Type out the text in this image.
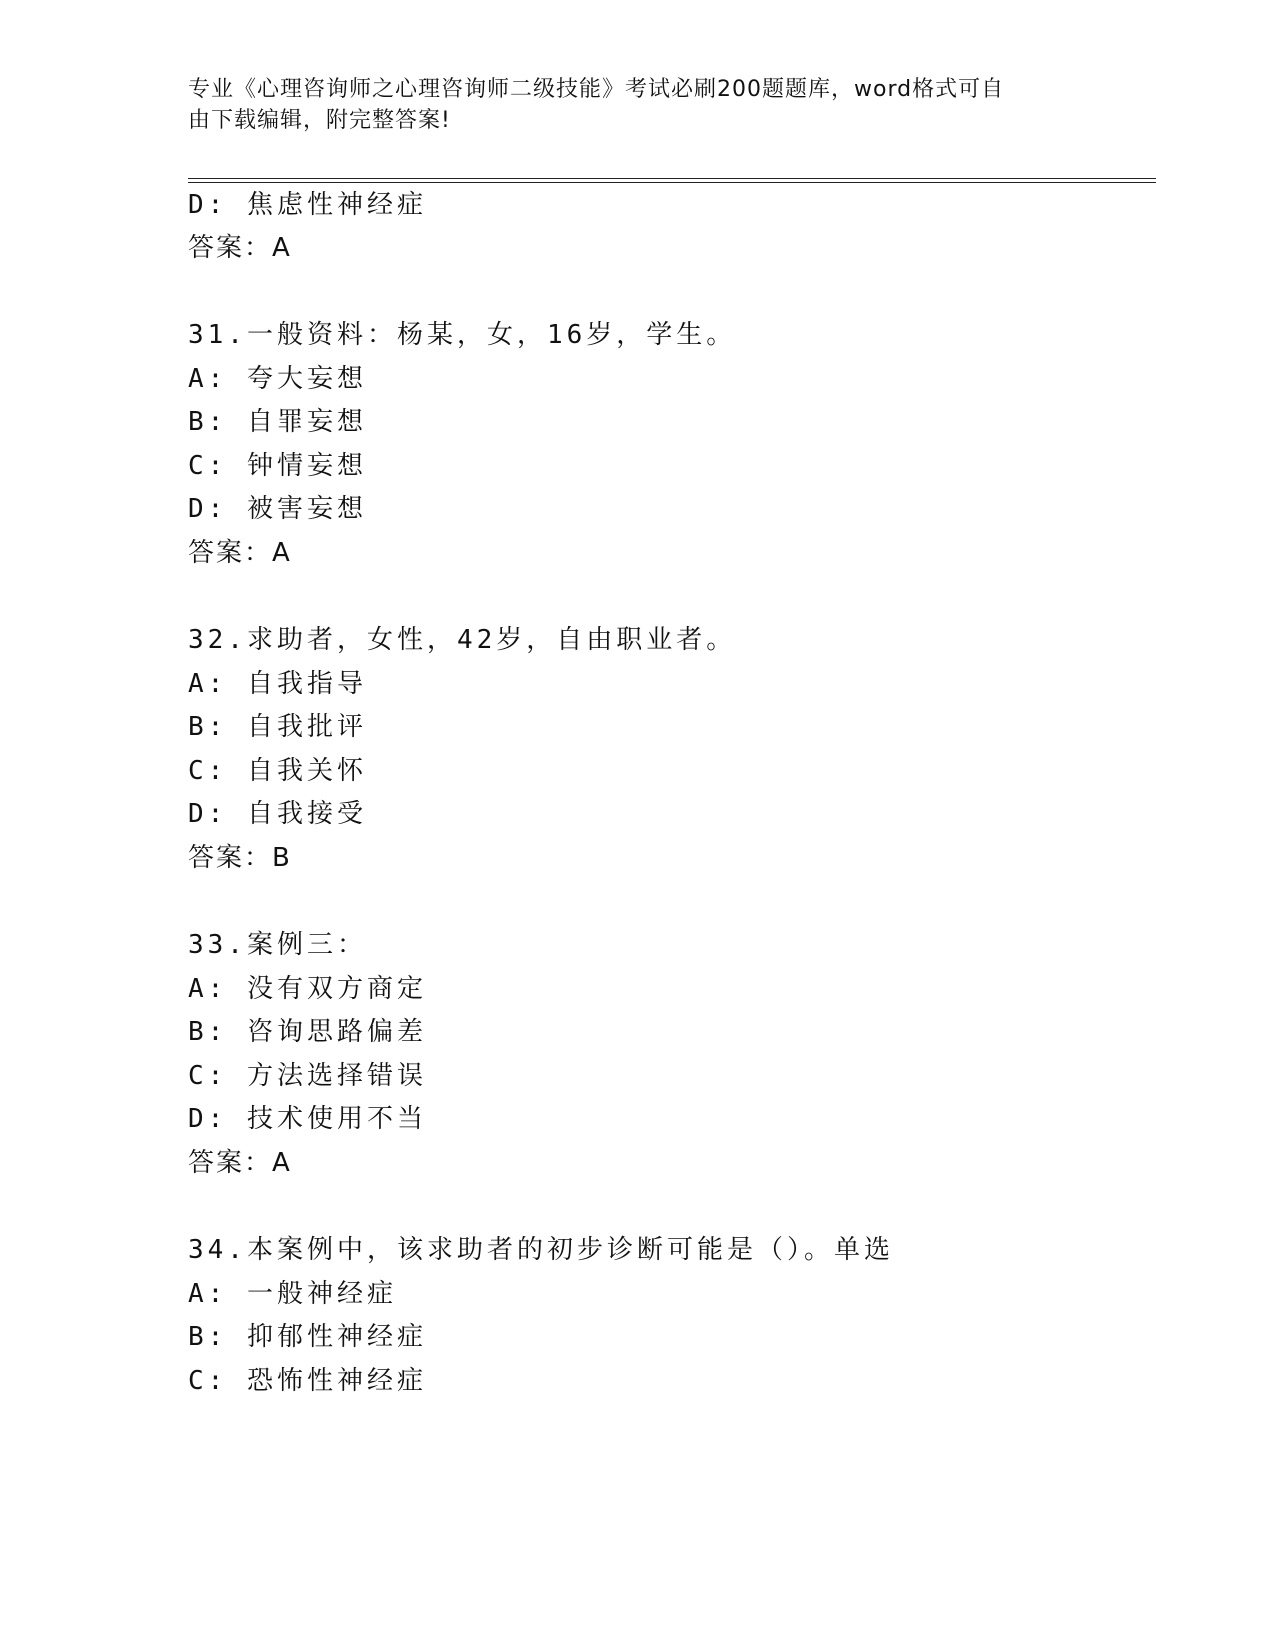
专业《心理咨询师之心理咨询师二级技能》考试必刷200题题库，word格式可自
由下载编辑，附完整答案!
D: 焦虑性神经症
答案：A
31.一般资料：杨某，女，16岁，学生。
A: 夸大妄想
B: 自罪妄想
C: 钟情妄想
D: 被害妄想
答案：A
32.求助者，女性，42岁，自由职业者。
A: 自我指导
B: 自我批评
C: 自我关怀
D: 自我接受
答案：B
33.案例三：
A: 没有双方商定
B: 咨询思路偏差
C: 方法选择错误
D: 技术使用不当
答案：A
34.本案例中，该求助者的初步诊断可能是（）。单选
A: 一般神经症
B: 抑郁性神经症
C: 恐怖性神经症
